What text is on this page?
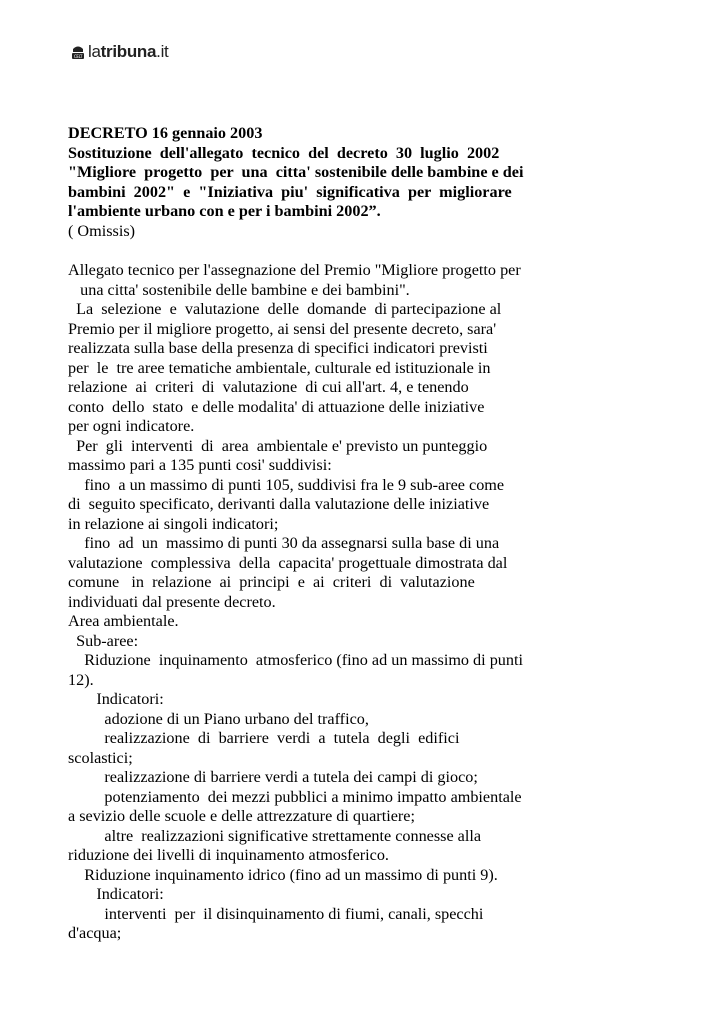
CELT la tribuna .it
DECRETO 16 gennaio 2003
Sostituzione  dell'allegato  tecnico  del  decreto  30  luglio  2002
"Migliore  progetto  per  una  citta' sostenibile delle bambine e dei
bambini  2002"  e  "Iniziativa  piu'  significativa  per  migliorare
l'ambiente urbano con e per i bambini 2002”.
( Omissis)
Allegato tecnico per l'assegnazione del Premio "Migliore progetto per
una citta' sostenibile delle bambine e dei bambini".
La  selezione  e  valutazione  delle  domande  di partecipazione al
Premio per il migliore progetto, ai sensi del presente decreto, sara'
realizzata sulla base della presenza di specifici indicatori previsti
per  le  tre aree tematiche ambientale, culturale ed istituzionale in
relazione  ai  criteri  di  valutazione  di cui all'art. 4, e tenendo
conto  dello  stato  e delle modalita' di attuazione delle iniziative
per ogni indicatore.
Per  gli  interventi  di  area  ambientale e' previsto un punteggio
massimo pari a 135 punti cosi' suddivisi:
fino  a un massimo di punti 105, suddivisi fra le 9 sub-aree come
di  seguito specificato, derivanti dalla valutazione delle iniziative
in relazione ai singoli indicatori;
fino  ad  un  massimo di punti 30 da assegnarsi sulla base di una
valutazione  complessiva  della  capacita' progettuale dimostrata dal
comune   in  relazione  ai  principi  e  ai  criteri  di  valutazione
individuati dal presente decreto.
Area ambientale.
Sub-aree:
Riduzione  inquinamento  atmosferico (fino ad un massimo di punti
12).
Indicatori:
adozione di un Piano urbano del traffico,
realizzazione  di  barriere  verdi  a  tutela  degli  edifici
scolastici;
realizzazione di barriere verdi a tutela dei campi di gioco;
potenziamento  dei mezzi pubblici a minimo impatto ambientale
a sevizio delle scuole e delle attrezzature di quartiere;
altre  realizzazioni significative strettamente connesse alla
riduzione dei livelli di inquinamento atmosferico.
Riduzione inquinamento idrico (fino ad un massimo di punti 9).
Indicatori:
interventi  per  il disinquinamento di fiumi, canali, specchi
d'acqua;
